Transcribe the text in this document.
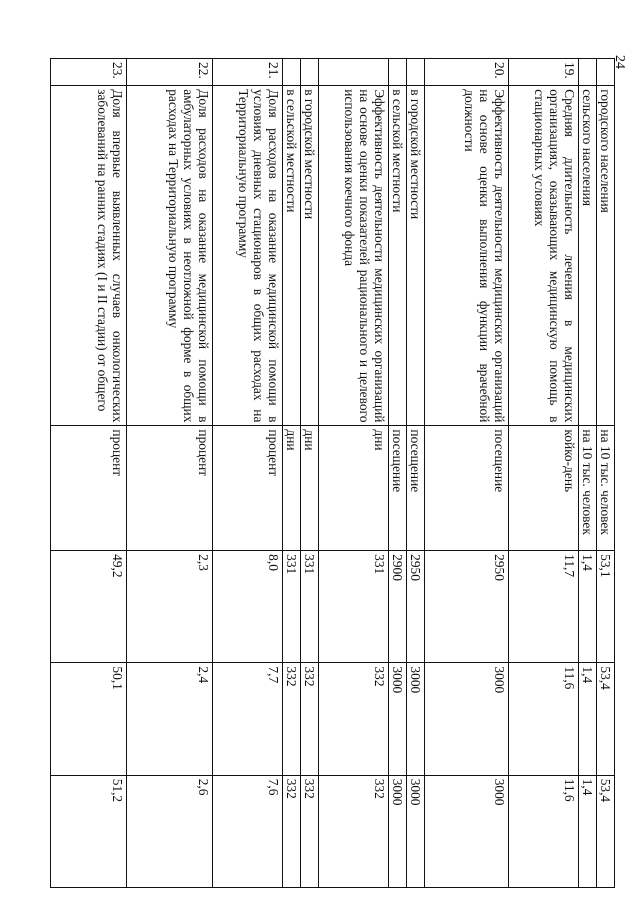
24
	городского населения	на 10 тыс. человек	53,1	53,4	53,4
	сельского населения	на 10 тыс. человек	1,4	1,4	1,4
19.	Средняя длительность лечения в медицинских организациях, оказывающих медицинскую помощь в стационарных условиях	койко-день	11,7	11,6	11,6
20.	Эффективность деятельности медицинских организаций на основе оценки выполнения функции врачебной должности	посещение	2950	3000	3000
	в городской местности	посещение	2950	3000	3000
	в сельской местности	посещение	2900	3000	3000
	Эффективность деятельности медицинских организаций на основе оценки показателей рационального и целевого использования коечного фонда	дни	331	332	332
	в городской местности	дни	331	332	332
	в сельской местности	дни	331	332	332
21.	Доля расходов на оказание медицинской помощи в условиях дневных стационаров в общих расходах на Территориальную программу	процент	8,0	7,7	7,6
22.	Доля расходов на оказание медицинской помощи в амбулаторных условиях в неотложной форме в общих расходах на Территориальную программу	процент	2,3	2,4	2,6
23.	Доля впервые выявленных случаев онкологических заболеваний на ранних стадиях (I и II стадии) от общего	процент	49,2	50,1	51,2
